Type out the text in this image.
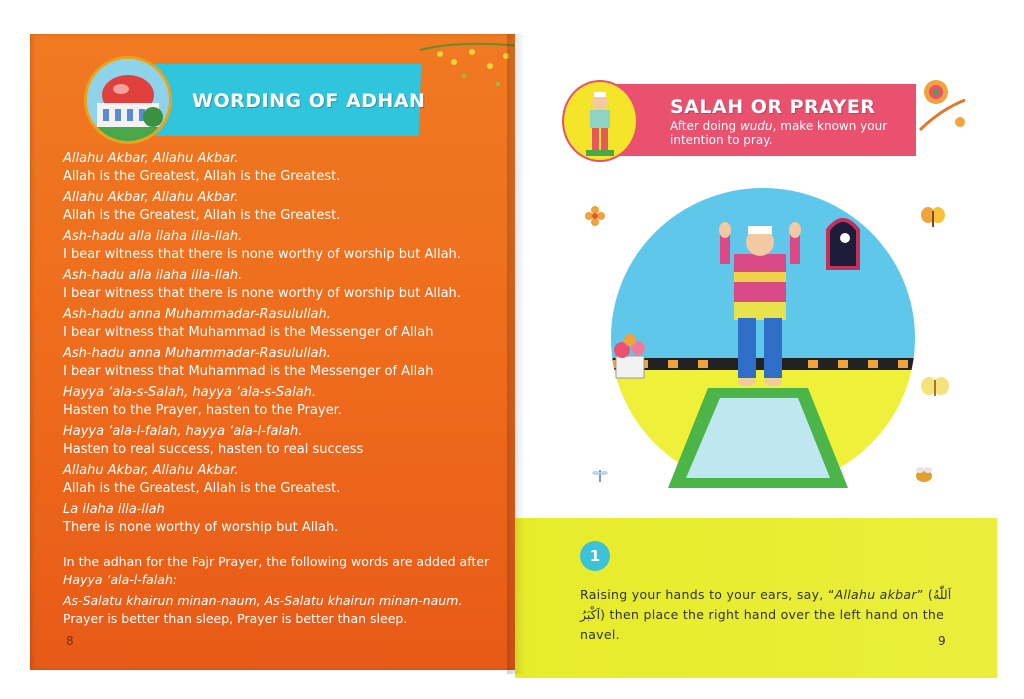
WORDING OF ADHAN
Allahu Akbar, Allahu Akbar.
Allah is the Greatest, Allah is the Greatest.
Allahu Akbar, Allahu Akbar.
Allah is the Greatest, Allah is the Greatest.
Ash-hadu alla ilaha illa-llah.
I bear witness that there is none worthy of worship but Allah.
Ash-hadu alla ilaha illa-llah.
I bear witness that there is none worthy of worship but Allah.
Ash-hadu anna Muhammadar-Rasulullah.
I bear witness that Muhammad is the Messenger of Allah
Ash-hadu anna Muhammadar-Rasulullah.
I bear witness that Muhammad is the Messenger of Allah
Hayya ‘ala-s-Salah, hayya ‘ala-s-Salah.
Hasten to the Prayer, hasten to the Prayer.
Hayya ‘ala-l-falah, hayya ‘ala-l-falah.
Hasten to real success, hasten to real success
Allahu Akbar, Allahu Akbar.
Allah is the Greatest, Allah is the Greatest.
La ilaha illa-llah
There is none worthy of worship but Allah.
In the adhan for the Fajr Prayer, the following words are added after
Hayya ‘ala-l-falah:
As-Salatu khairun minan-naum, As-Salatu khairun minan-naum.
Prayer is better than sleep, Prayer is better than sleep.
8
SALAH OR PRAYER
After doing wudu, make known your intention to pray.
1
Raising your hands to your ears, say, “Allahu akbar” (اَللّٰهُ اَكْبَرُ) then place the right hand over the left hand on the navel.	9
